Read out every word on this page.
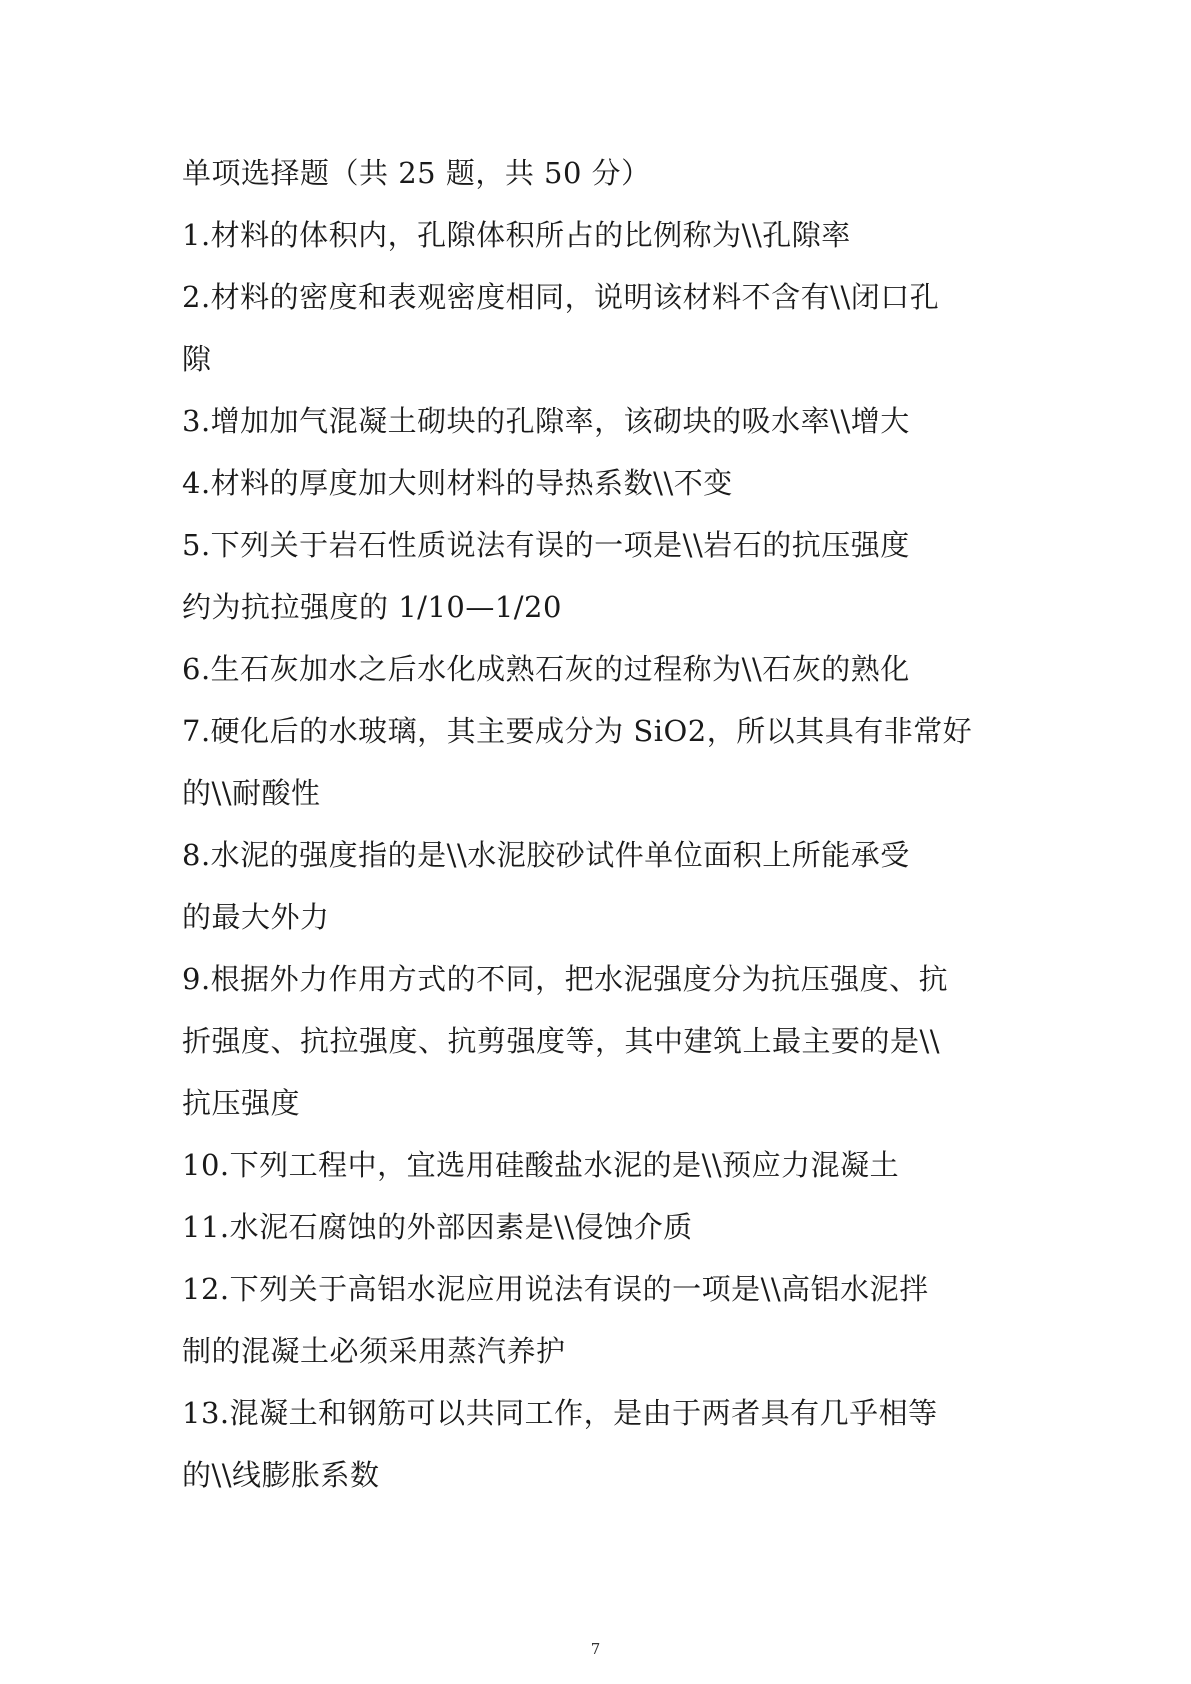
单项选择题（共 25 题，共 50 分）
1.材料的体积内，孔隙体积所占的比例称为\\孔隙率
2.材料的密度和表观密度相同，说明该材料不含有\\闭口孔
隙
3.增加加气混凝土砌块的孔隙率，该砌块的吸水率\\增大
4.材料的厚度加大则材料的导热系数\\不变
5.下列关于岩石性质说法有误的一项是\\岩石的抗压强度
约为抗拉强度的 1/10—1/20
6.生石灰加水之后水化成熟石灰的过程称为\\石灰的熟化
7.硬化后的水玻璃，其主要成分为 SiO2，所以其具有非常好
的\\耐酸性
8.水泥的强度指的是\\水泥胶砂试件单位面积上所能承受
的最大外力
9.根据外力作用方式的不同，把水泥强度分为抗压强度、抗
折强度、抗拉强度、抗剪强度等，其中建筑上最主要的是\\
抗压强度
10.下列工程中，宜选用硅酸盐水泥的是\\预应力混凝土
11.水泥石腐蚀的外部因素是\\侵蚀介质
12.下列关于高铝水泥应用说法有误的一项是\\高铝水泥拌
制的混凝土必须采用蒸汽养护
13.混凝土和钢筋可以共同工作，是由于两者具有几乎相等
的\\线膨胀系数
7
